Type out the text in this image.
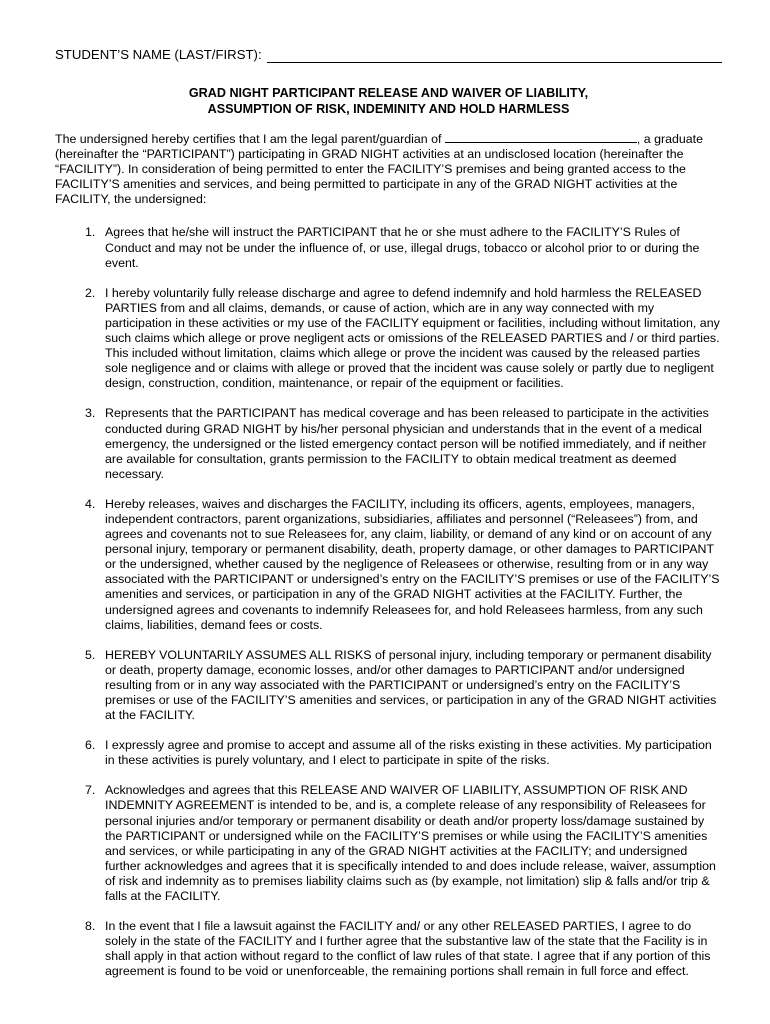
STUDENT’S NAME (LAST/FIRST):
GRAD NIGHT PARTICIPANT RELEASE AND WAIVER OF LIABILITY,
ASSUMPTION OF RISK, INDEMINITY AND HOLD HARMLESS

The undersigned hereby certifies that I am the legal parent/guardian of	, a graduate (hereinafter the “PARTICIPANT”) participating in GRAD NIGHT activities at an undisclosed location (hereinafter the “FACILITY”). In consideration of being permitted to enter the FACILITY’S premises and being granted access to the FACILITY’S amenities and services, and being permitted to participate in any of the GRAD NIGHT activities at the FACILITY, the undersigned:

1. Agrees that he/she will instruct the PARTICIPANT that he or she must adhere to the FACILITY’S Rules of Conduct and may not be under the influence of, or use, illegal drugs, tobacco or alcohol prior to or during the event.
2. I hereby voluntarily fully release discharge and agree to defend indemnify and hold harmless the RELEASED PARTIES from and all claims, demands, or cause of action, which are in any way connected with my participation in these activities or my use of the FACILITY equipment or facilities, including without limitation, any such claims which allege or prove negligent acts or omissions of the RELEASED PARTIES and / or third parties. This included without limitation, claims which allege or prove the incident was caused by the released parties sole negligence and or claims with allege or proved that the incident was cause solely or partly due to negligent design, construction, condition, maintenance, or repair of the equipment or facilities.
3. Represents that the PARTICIPANT has medical coverage and has been released to participate in the activities conducted during GRAD NIGHT by his/her personal physician and understands that in the event of a medical emergency, the undersigned or the listed emergency contact person will be notified immediately, and if neither are available for consultation, grants permission to the FACILITY to obtain medical treatment as deemed necessary.
4. Hereby releases, waives and discharges the FACILITY, including its officers, agents, employees, managers, independent contractors, parent organizations, subsidiaries, affiliates and personnel (“Releasees”) from, and agrees and covenants not to sue Releasees for, any claim, liability, or demand of any kind or on account of any personal injury, temporary or permanent disability, death, property damage, or other damages to PARTICIPANT or the undersigned, whether caused by the negligence of Releasees or otherwise, resulting from or in any way associated with the PARTICIPANT or undersigned’s entry on the FACILITY’S premises or use of the FACILITY’S amenities and services, or participation in any of the GRAD NIGHT activities at the FACILITY. Further, the undersigned agrees and covenants to indemnify Releasees for, and hold Releasees harmless, from any such claims, liabilities, demand fees or costs.
5. HEREBY VOLUNTARILY ASSUMES ALL RISKS of personal injury, including temporary or permanent disability or death, property damage, economic losses, and/or other damages to PARTICIPANT and/or undersigned resulting from or in any way associated with the PARTICIPANT or undersigned’s entry on the FACILITY’S premises or use of the FACILITY’S amenities and services, or participation in any of the GRAD NIGHT activities at the FACILITY.
6. I expressly agree and promise to accept and assume all of the risks existing in these activities. My participation in these activities is purely voluntary, and I elect to participate in spite of the risks.
7. Acknowledges and agrees that this RELEASE AND WAIVER OF LIABILITY, ASSUMPTION OF RISK AND INDEMNITY AGREEMENT is intended to be, and is, a complete release of any responsibility of Releasees for personal injuries and/or temporary or permanent disability or death and/or property loss/damage sustained by the PARTICIPANT or undersigned while on the FACILITY’S premises or while using the FACILITY’S amenities and services, or while participating in any of the GRAD NIGHT activities at the FACILITY; and undersigned further acknowledges and agrees that it is specifically intended to and does include release, waiver, assumption of risk and indemnity as to premises liability claims such as (by example, not limitation) slip & falls and/or trip & falls at the FACILITY.
8. In the event that I file a lawsuit against the FACILITY and/ or any other RELEASED PARTIES, I agree to do solely in the state of the FACILITY and I further agree that the substantive law of the state that the Facility is in shall apply in that action without regard to the conflict of law rules of that state. I agree that if any portion of this agreement is found to be void or unenforceable, the remaining portions shall remain in full force and effect.
